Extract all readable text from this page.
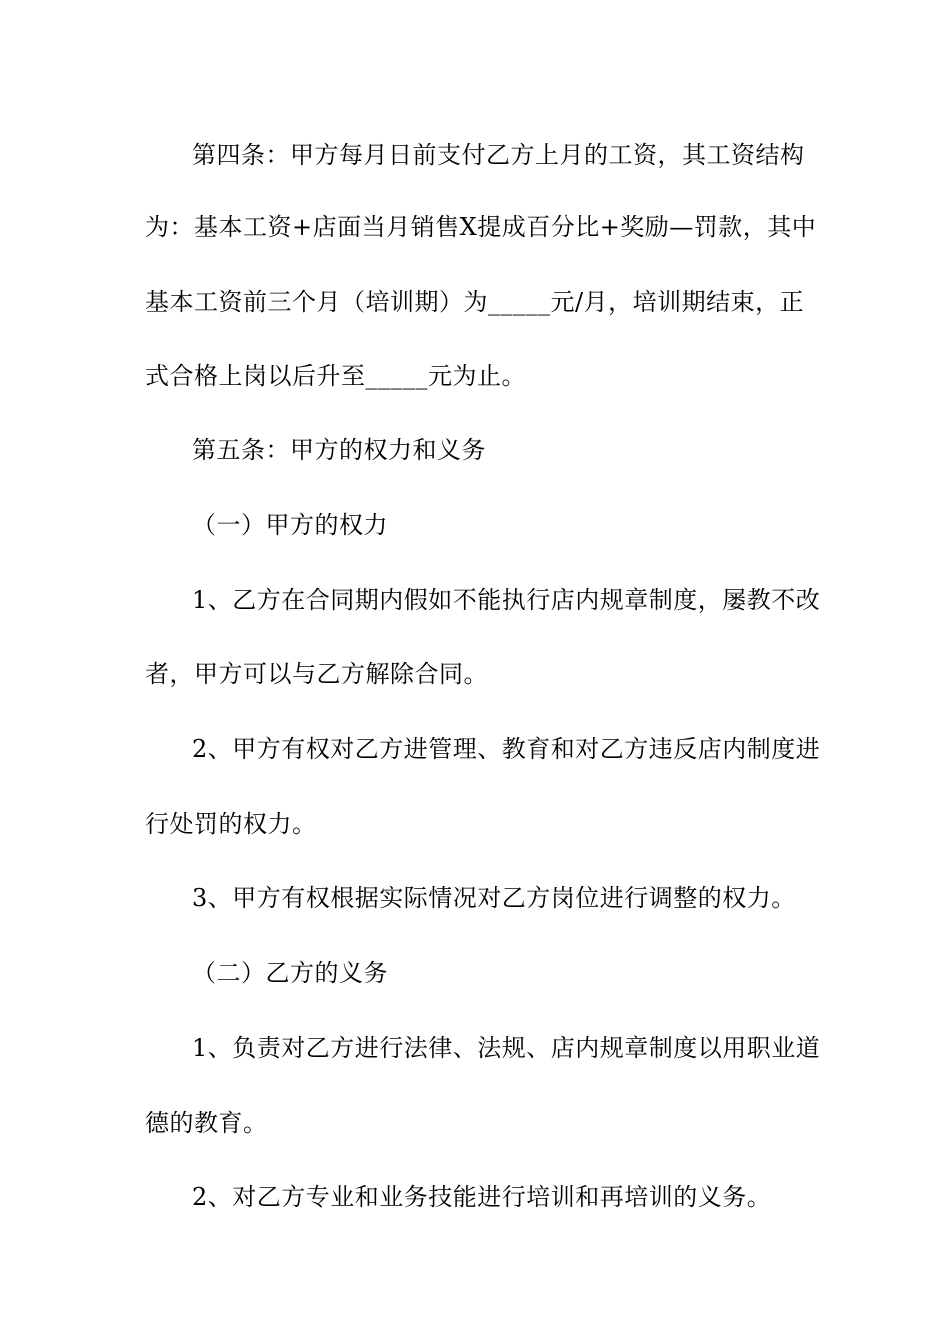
第四条：甲方每月日前支付乙方上月的工资，其工资结构
为：基本工资+店面当月销售X提成百分比+奖励—罚款，其中
基本工资前三个月（培训期）为_____元/月，培训期结束，正
式合格上岗以后升至_____元为止。
第五条：甲方的权力和义务
（一）甲方的权力
1、乙方在合同期内假如不能执行店内规章制度，屡教不改
者，甲方可以与乙方解除合同。
2、甲方有权对乙方进管理、教育和对乙方违反店内制度进
行处罚的权力。
3、甲方有权根据实际情况对乙方岗位进行调整的权力。
（二）乙方的义务
1、负责对乙方进行法律、法规、店内规章制度以用职业道
德的教育。
2、对乙方专业和业务技能进行培训和再培训的义务。
